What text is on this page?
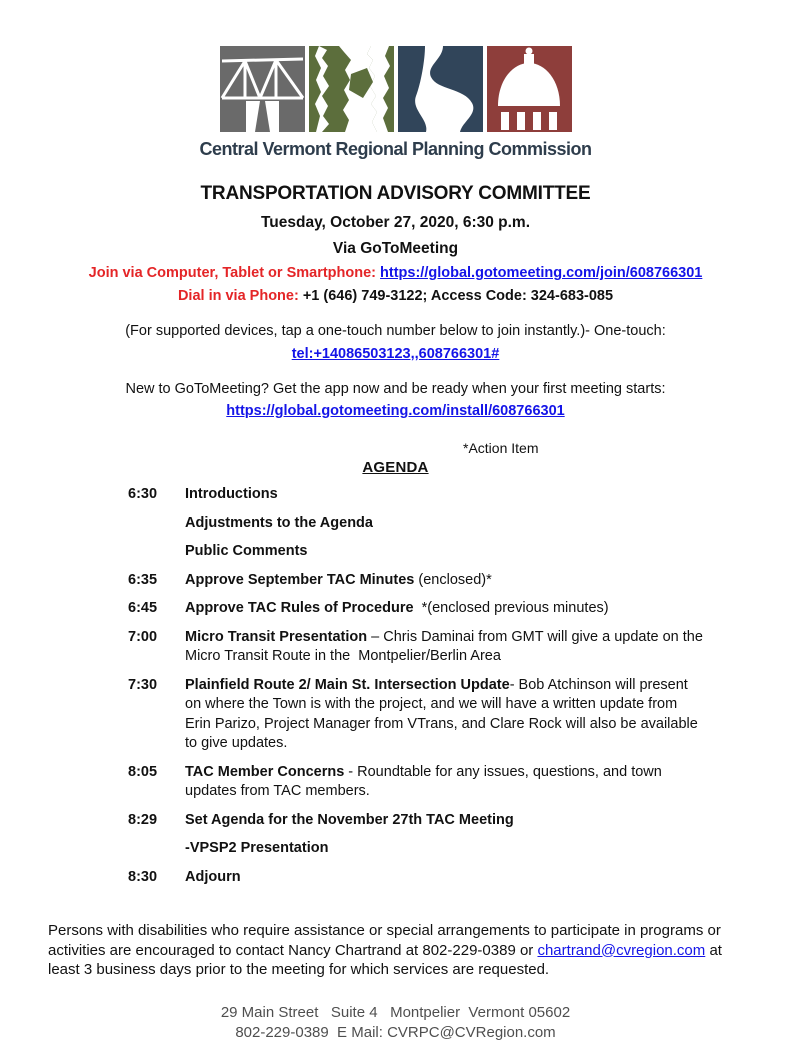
Central Vermont Regional Planning Commission
TRANSPORTATION ADVISORY COMMITTEE
Tuesday, October 27, 2020, 6:30 p.m.
Via GoToMeeting
Join via Computer, Tablet or Smartphone: https://global.gotomeeting.com/join/608766301
Dial in via Phone: +1 (646) 749-3122; Access Code: 324-683-085
(For supported devices, tap a one-touch number below to join instantly.)- One-touch:
tel:+14086503123,,608766301#
New to GoToMeeting? Get the app now and be ready when your first meeting starts:
https://global.gotomeeting.com/install/608766301
*Action Item
AGENDA
6:30	Introductions
Adjustments to the Agenda
Public Comments
6:35	Approve September TAC Minutes (enclosed)*
6:45	Approve TAC Rules of Procedure  *(enclosed previous minutes)
7:00	Micro Transit Presentation – Chris Daminai from GMT will give a update on the Micro Transit Route in the  Montpelier/Berlin Area
7:30	Plainfield Route 2/ Main St. Intersection Update- Bob Atchinson will present on where the Town is with the project, and we will have a written update from Erin Parizo, Project Manager from VTrans, and Clare Rock will also be available to give updates.
8:05	TAC Member Concerns - Roundtable for any issues, questions, and town updates from TAC members.
8:29	Set Agenda for the November 27th TAC Meeting
-VPSP2 Presentation
8:30	Adjourn
Persons with disabilities who require assistance or special arrangements to participate in programs or activities are encouraged to contact Nancy Chartrand at 802-229-0389 or chartrand@cvregion.com at least 3 business days prior to the meeting for which services are requested.
29 Main Street   Suite 4   Montpelier  Vermont 05602
802-229-0389  E Mail: CVRPC@CVRegion.com
